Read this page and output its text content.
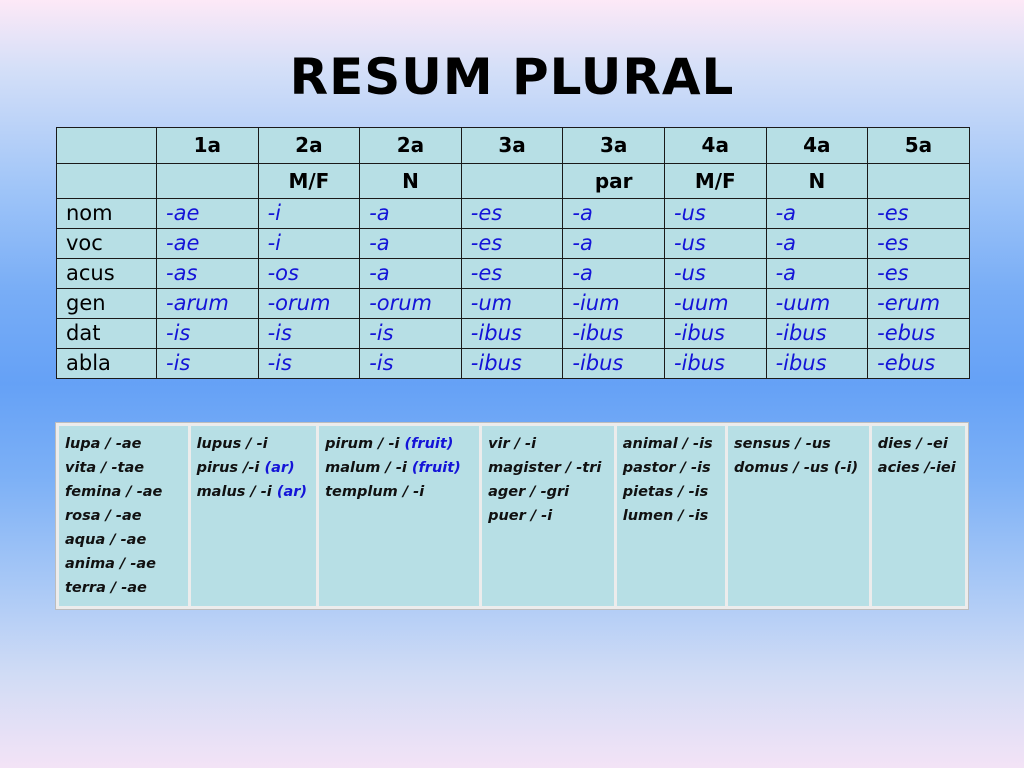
RESUM PLURAL
	1a	2a	2a	3a	3a	4a	4a	5a
		M/F	N		par	M/F	N	
nom	-ae	-i	-a	-es	-a	-us	-a	-es
voc	-ae	-i	-a	-es	-a	-us	-a	-es
acus	-as	-os	-a	-es	-a	-us	-a	-es
gen	-arum	-orum	-orum	-um	-ium	-uum	-uum	-erum
dat	-is	-is	-is	-ibus	-ibus	-ibus	-ibus	-ebus
abla	-is	-is	-is	-ibus	-ibus	-ibus	-ibus	-ebus
lupa / -ae
vita / -tae
femina / -ae
rosa / -ae
aqua / -ae
anima / -ae
terra / -ae

lupus / -i
pirus /-i (ar)
malus / -i (ar)

pirum / -i (fruit)
malum / -i (fruit)
templum / -i

vir / -i
magister / -tri
ager / -gri
puer / -i

animal / -is
pastor / -is
pietas / -is
lumen / -is

sensus / -us
domus / -us (-i)

dies / -ei
acies /-iei
